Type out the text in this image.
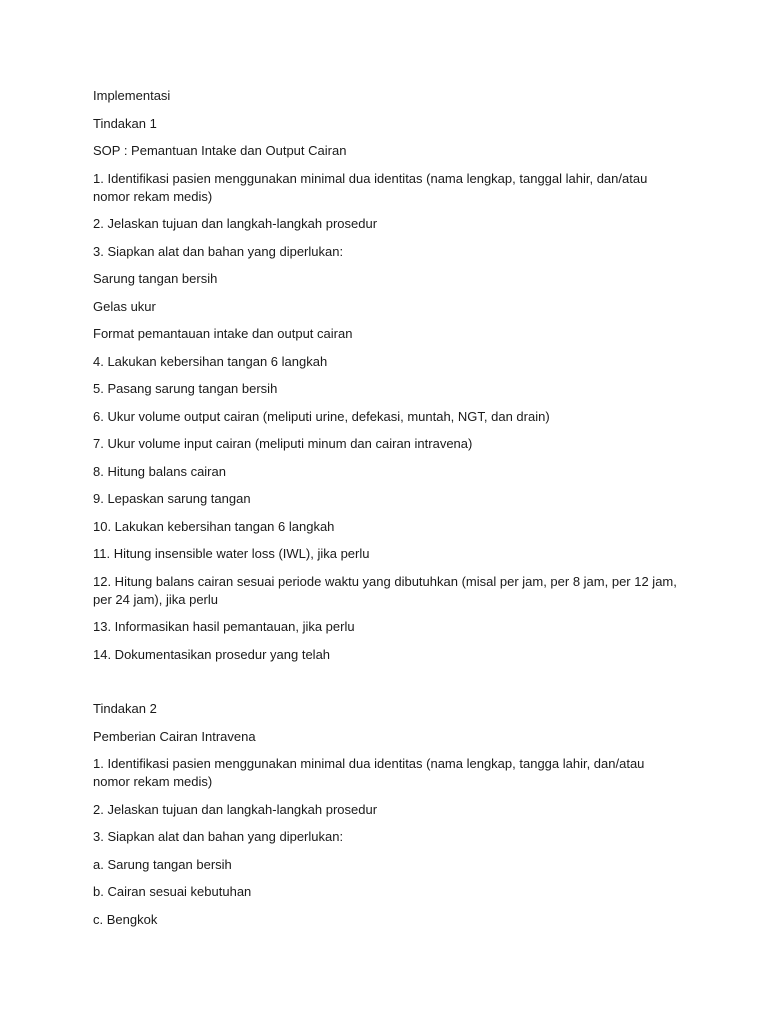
Implementasi

Tindakan 1

SOP : Pemantuan Intake dan Output Cairan

1. Identifikasi pasien menggunakan minimal dua identitas (nama lengkap, tanggal lahir, dan/atau nomor rekam medis)

2. Jelaskan tujuan dan langkah-langkah prosedur

3. Siapkan alat dan bahan yang diperlukan:

Sarung tangan bersih

Gelas ukur

Format pemantauan intake dan output cairan

4. Lakukan kebersihan tangan 6 langkah

5. Pasang sarung tangan bersih

6. Ukur volume output cairan (meliputi urine, defekasi, muntah, NGT, dan drain)

7. Ukur volume input cairan (meliputi minum dan cairan intravena)

8. Hitung balans cairan

9. Lepaskan sarung tangan

10. Lakukan kebersihan tangan 6 langkah

11. Hitung insensible water loss (IWL), jika perlu

12. Hitung balans cairan sesuai periode waktu yang dibutuhkan (misal per jam, per 8 jam, per 12 jam, per 24 jam), jika perlu

13. Informasikan hasil pemantauan, jika perlu

14. Dokumentasikan prosedur yang telah

Tindakan 2

Pemberian Cairan Intravena

1. Identifikasi pasien menggunakan minimal dua identitas (nama lengkap, tangga lahir, dan/atau nomor rekam medis)

2. Jelaskan tujuan dan langkah-langkah prosedur

3. Siapkan alat dan bahan yang diperlukan:

a. Sarung tangan bersih

b. Cairan sesuai kebutuhan

c. Bengkok
